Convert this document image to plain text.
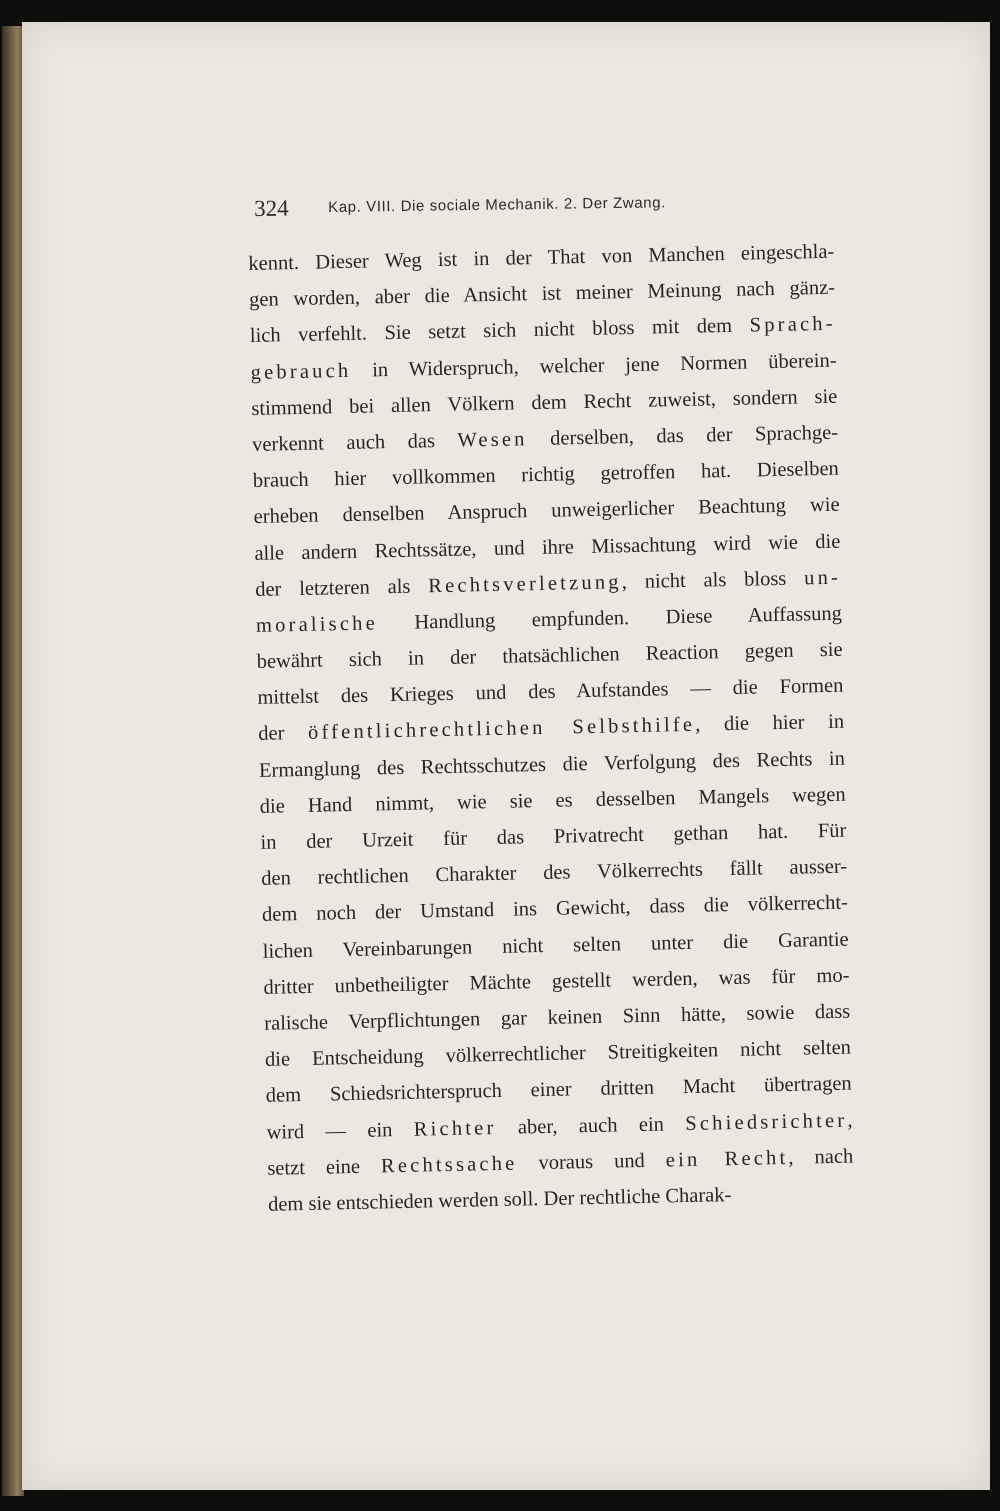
324	Kap. VIII. Die sociale Mechanik. 2. Der Zwang.
kennt. Dieser Weg ist in der That von Manchen eingeschla-
gen worden, aber die Ansicht ist meiner Meinung nach gänz-
lich verfehlt. Sie setzt sich nicht bloss mit dem Sprach-
gebrauch in Widerspruch, welcher jene Normen überein-
stimmend bei allen Völkern dem Recht zuweist, sondern sie
verkennt auch das Wesen derselben, das der Sprachge-
brauch hier vollkommen richtig getroffen hat. Dieselben
erheben denselben Anspruch unweigerlicher Beachtung wie
alle andern Rechtssätze, und ihre Missachtung wird wie die
der letzteren als Rechtsverletzung, nicht als bloss un-
moralische Handlung empfunden. Diese Auffassung
bewährt sich in der thatsächlichen Reaction gegen sie
mittelst des Krieges und des Aufstandes — die Formen
der öffentlichrechtlichen Selbsthilfe, die hier in
Ermanglung des Rechtsschutzes die Verfolgung des Rechts in
die Hand nimmt, wie sie es desselben Mangels wegen
in der Urzeit für das Privatrecht gethan hat. Für
den rechtlichen Charakter des Völkerrechts fällt ausser-
dem noch der Umstand ins Gewicht, dass die völkerrecht-
lichen Vereinbarungen nicht selten unter die Garantie
dritter unbetheiligter Mächte gestellt werden, was für mo-
ralische Verpflichtungen gar keinen Sinn hätte, sowie dass
die Entscheidung völkerrechtlicher Streitigkeiten nicht selten
dem Schiedsrichterspruch einer dritten Macht übertragen
wird — ein Richter aber, auch ein Schiedsrichter,
setzt eine Rechtssache voraus und ein Recht, nach
dem sie entschieden werden soll. Der rechtliche Charak-
